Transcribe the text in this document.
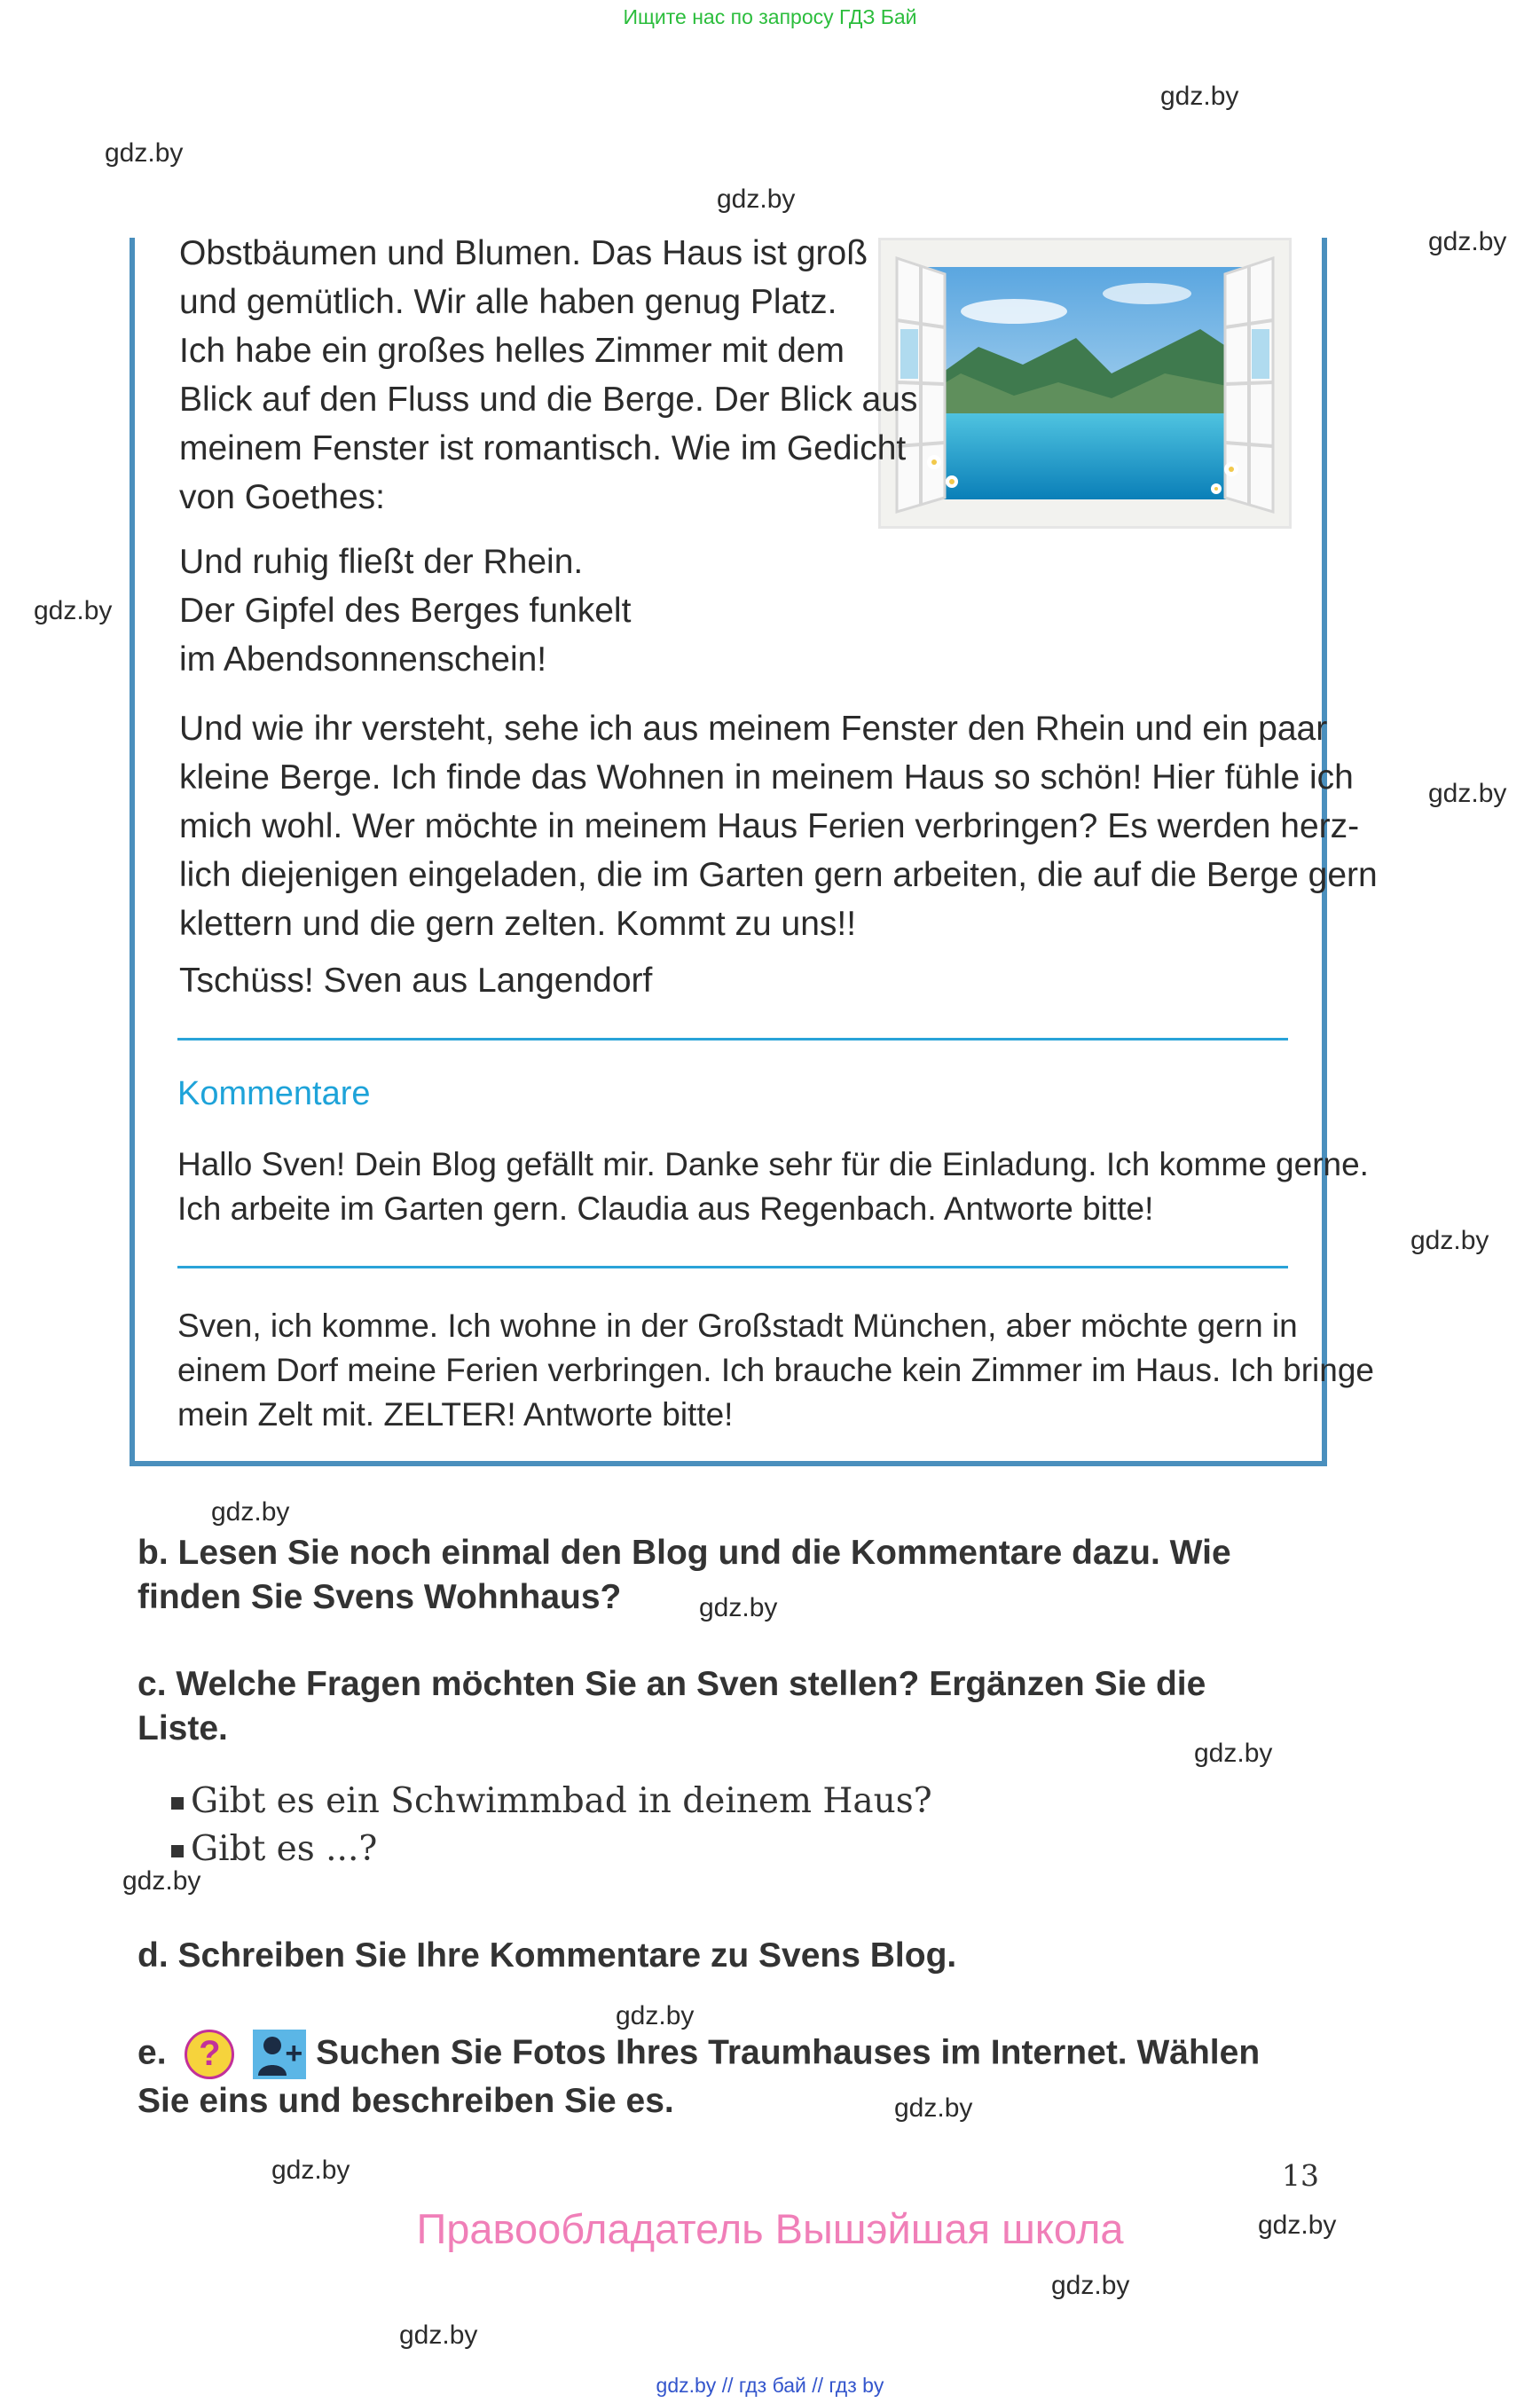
Ищите нас по запросу ГДЗ Бай
gdz.by
gdz.by
gdz.by
gdz.by
gdz.by
gdz.by
gdz.by
gdz.by
gdz.by
gdz.by
gdz.by
gdz.by
gdz.by
gdz.by
gdz.by
gdz.by
gdz.by

Obstbäumen und Blumen. Das Haus ist groß

und gemütlich. Wir alle haben genug Platz.

Ich habe ein großes helles Zimmer mit dem

Blick auf den Fluss und die Berge. Der Blick aus

meinem Fenster ist romantisch. Wie im Gedicht

von Goethes:

Und ruhig fließt der Rhein.

Der Gipfel des Berges funkelt

im Abendsonnenschein!

Und wie ihr versteht, sehe ich aus meinem Fenster den Rhein und ein paar

kleine Berge. Ich finde das Wohnen in meinem Haus so schön! Hier fühle ich

mich wohl. Wer möchte in meinem Haus Ferien verbringen? Es werden herz-

lich diejenigen eingeladen, die im Garten gern arbeiten, die auf die Berge gern

klettern und die gern zelten. Kommt zu uns!!

Tschüss! Sven aus Langendorf

Kommentare

Hallo Sven! Dein Blog gefällt mir. Danke sehr für die Einladung. Ich komme gerne.

Ich arbeite im Garten gern. Claudia aus Regenbach. Antworte bitte!

Sven, ich komme. Ich wohne in der Großstadt München, aber möchte gern in

einem Dorf meine Ferien verbringen. Ich brauche kein Zimmer im Haus. Ich bringe

mein Zelt mit. ZELTER! Antworte bitte!

b. Lesen Sie noch einmal den Blog und die Kommentare dazu. Wie

finden Sie Svens Wohnhaus?

c. Welche Fragen möchten Sie an Sven stellen? Ergänzen Sie die

Liste.

Gibt es ein Schwimmbad in deinem Haus?
Gibt es ...?

d. Schreiben Sie Ihre Kommentare zu Svens Blog.

e. ? + Suchen Sie Fotos Ihres Traumhauses im Internet. Wählen

Sie eins und beschreiben Sie es.

13
Правообладатель Вышэйшая школа
gdz.by // гдз бай // гдз by
